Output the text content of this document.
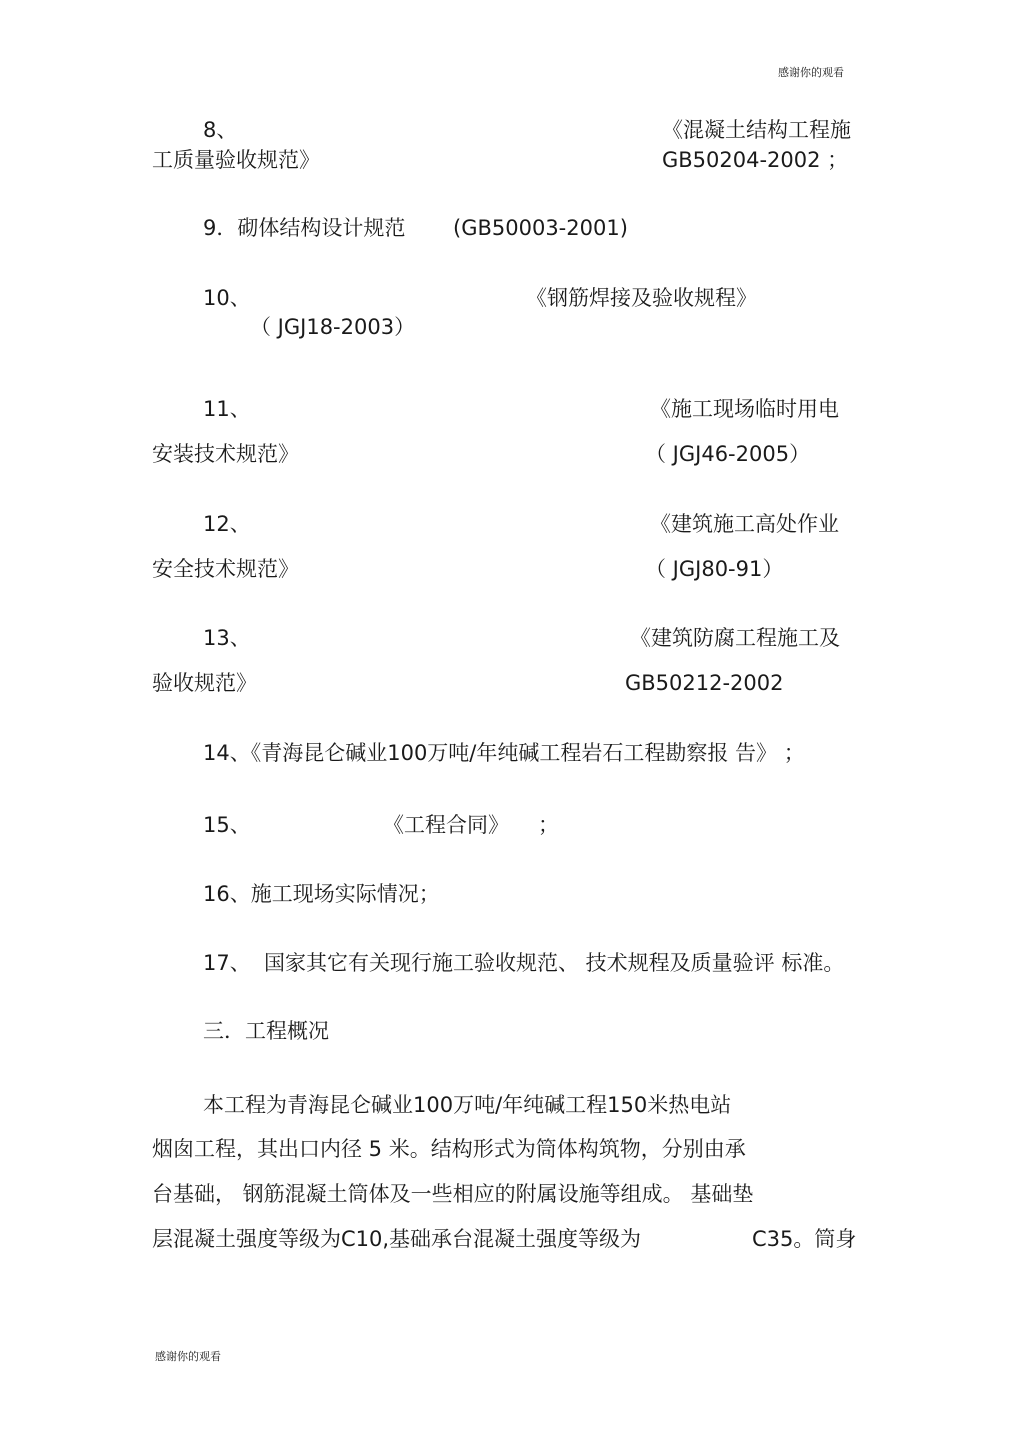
感谢你的观看
感谢你的观看
8、	《混凝土结构工程施
工质量验收规范》	GB50204-2002 ；
9．砌体结构设计规范 (GB50003-2001)
10、	《钢筋焊接及验收规程》
（ JGJ18-2003）
11、	《施工现场临时用电
安装技术规范》	（ JGJ46-2005）
12、	《建筑施工高处作业
安全技术规范》	（ JGJ80-91）
13、	《建筑防腐工程施工及
验收规范》	GB50212-2002
14、《青海昆仑碱业100万吨/年纯碱工程岩石工程勘察报 告》 ；
15、	《工程合同》 ；
16、施工现场实际情况；
17、 国家其它有关现行施工验收规范、 技术规程及质量验评 标准。
三．工程概况
本工程为青海昆仑碱业100万吨/年纯碱工程150米热电站
烟囱工程，其出口内径 5 米。结构形式为筒体构筑物，分别由承
台基础， 钢筋混凝土筒体及一些相应的附属设施等组成。 基础垫
层混凝土强度等级为C10,基础承台混凝土强度等级为	C35。筒身
